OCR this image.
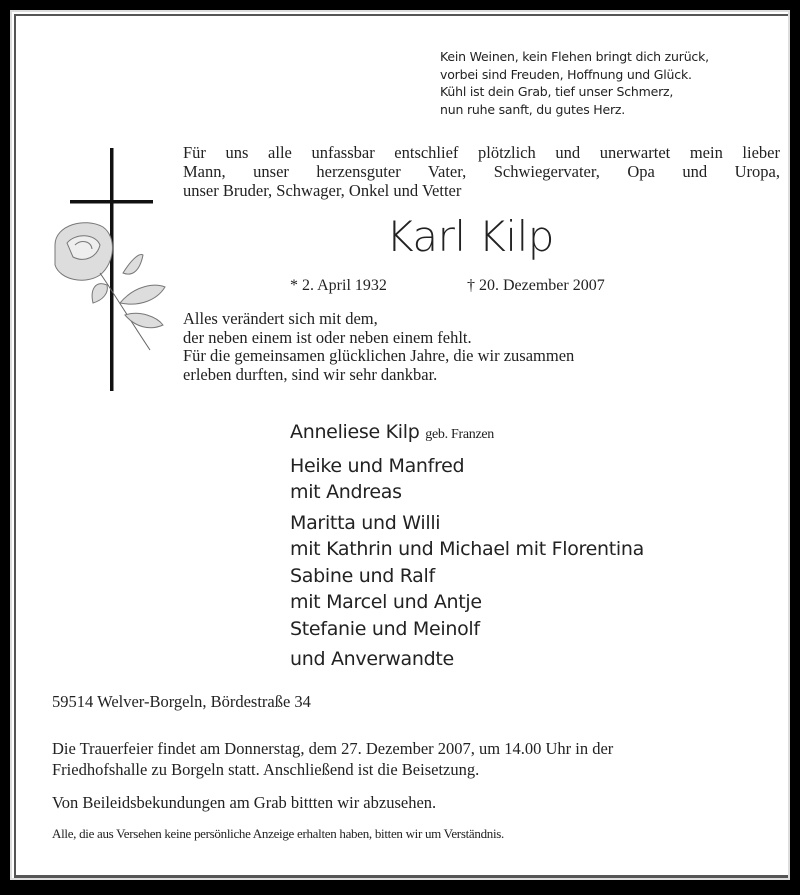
Kein Weinen, kein Flehen bringt dich zurück,
vorbei sind Freuden, Hoffnung und Glück.
Kühl ist dein Grab, tief unser Schmerz,
nun ruhe sanft, du gutes Herz.
Für uns alle unfassbar entschlief plötzlich und unerwartet mein lieber
Mann, unser herzensguter Vater, Schwiegervater, Opa und Uropa,
unser Bruder, Schwager, Onkel und Vetter
Karl Kilp
* 2. April 1932	† 20. Dezember 2007
Alles verändert sich mit dem,
der neben einem ist oder neben einem fehlt.
Für die gemeinsamen glücklichen Jahre, die wir zusammen
erleben durften, sind wir sehr dankbar.
Anneliese Kilp geb. Franzen
Heike und Manfred
mit Andreas
Maritta und Willi
mit Kathrin und Michael mit Florentina
Sabine und Ralf
mit Marcel und Antje
Stefanie und Meinolf
und Anverwandte
59514 Welver-Borgeln, Bördestraße 34
Die Trauerfeier findet am Donnerstag, dem 27. Dezember 2007, um 14.00 Uhr in der
Friedhofshalle zu Borgeln statt. Anschließend ist die Beisetzung.
Von Beileidsbekundungen am Grab bittten wir abzusehen.
Alle, die aus Versehen keine persönliche Anzeige erhalten haben, bitten wir um Verständnis.
